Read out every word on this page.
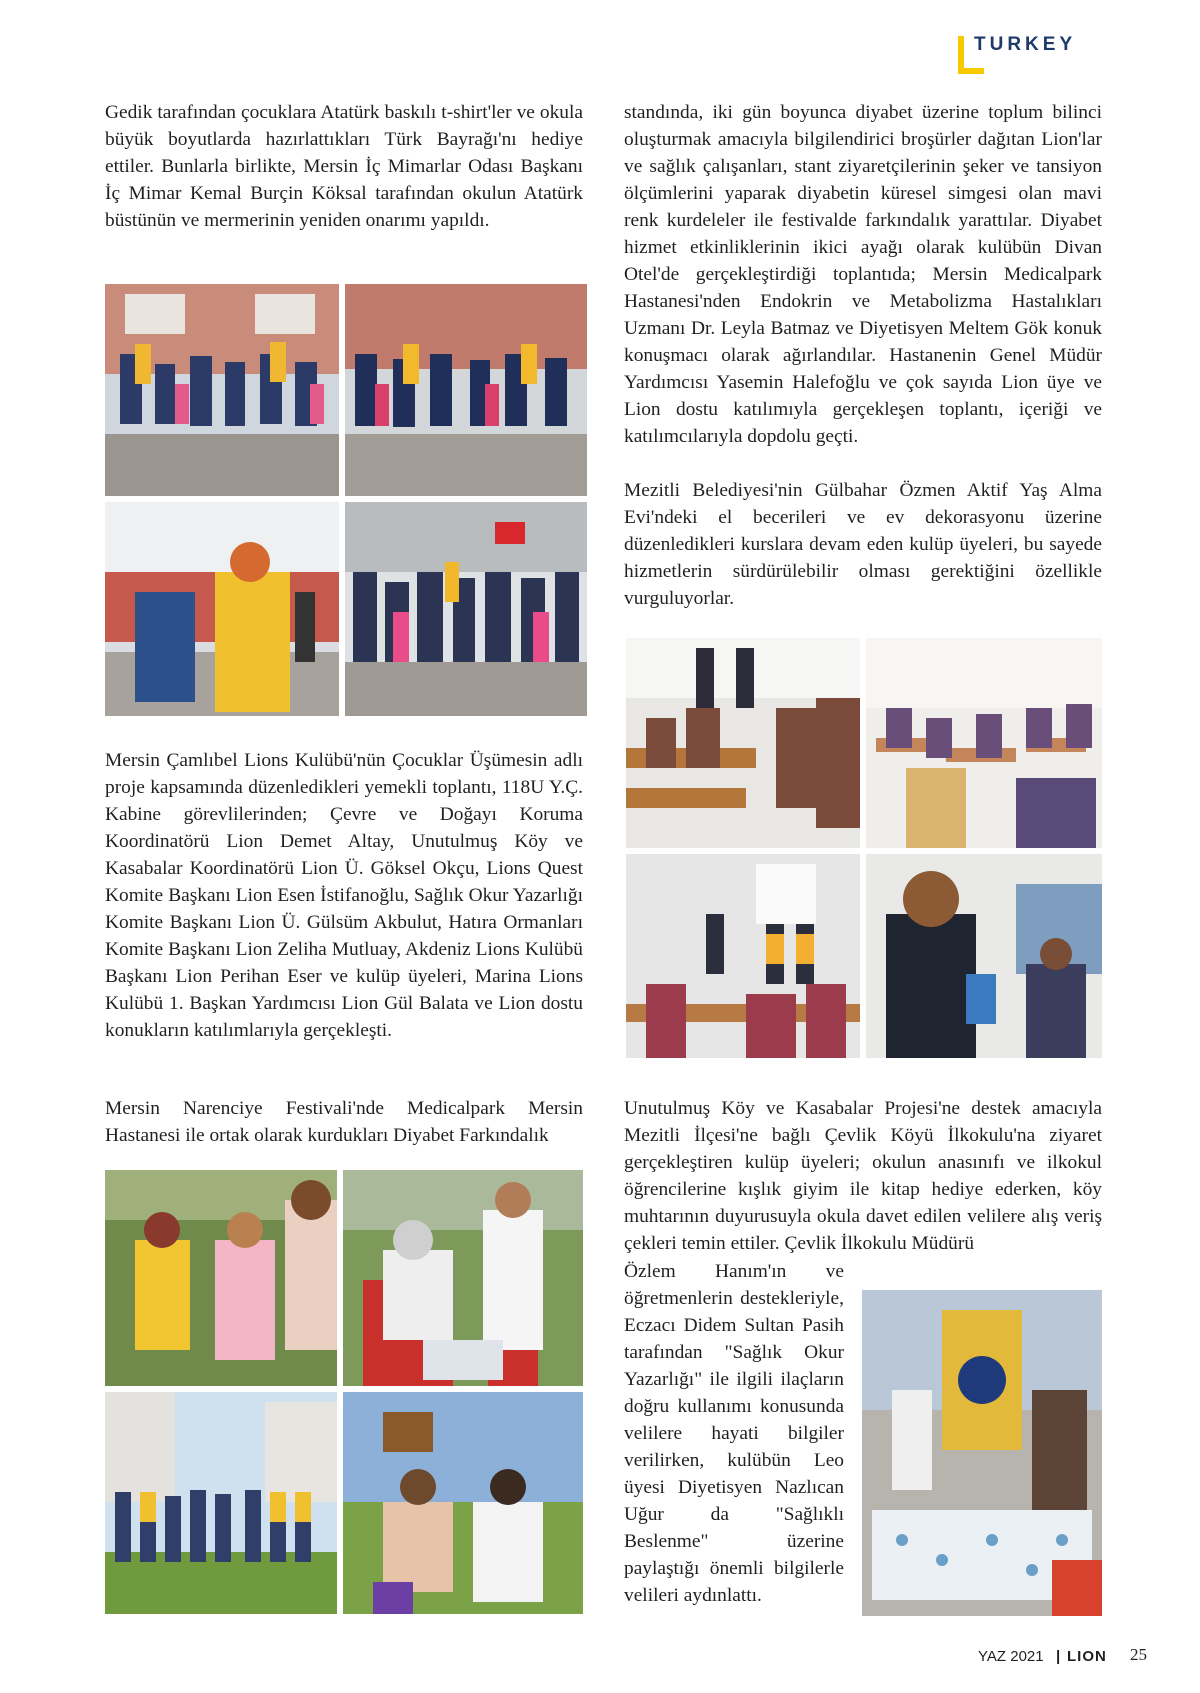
TURKEY

Gedik tarafından çocuklara Atatürk baskılı t-shirt'ler ve okula büyük boyutlarda hazırlattıkları Türk Bayrağı'nı hediye ettiler. Bunlarla birlikte, Mersin İç Mimarlar Odası Başkanı İç Mimar Kemal Burçin Köksal tarafından okulun Atatürk büstünün ve mermerinin yeniden onarımı yapıldı.

Mersin Çamlıbel Lions Kulübü'nün Çocuklar Üşümesin adlı proje kapsamında düzenledikleri yemekli toplantı, 118U Y.Ç. Kabine görevlilerinden; Çevre ve Doğayı Koruma Koordinatörü Lion Demet Altay, Unutulmuş Köy ve Kasabalar Koordinatörü Lion Ü. Göksel Okçu, Lions Quest Komite Başkanı Lion Esen İstifanoğlu, Sağlık Okur Yazarlığı Komite Başkanı Lion Ü. Gülsüm Akbulut, Hatıra Ormanları Komite Başkanı Lion Zeliha Mutluay, Akdeniz Lions Kulübü Başkanı Lion Perihan Eser ve kulüp üyeleri, Marina Lions Kulübü 1. Başkan Yardımcısı Lion Gül Balata ve Lion dostu konukların katılımlarıyla gerçekleşti.

Mersin Narenciye Festivali'nde Medicalpark Mersin Hastanesi ile ortak olarak kurdukları Diyabet Farkındalık

standında, iki gün boyunca diyabet üzerine toplum bilinci oluşturmak amacıyla bilgilendirici broşürler dağıtan Lion'lar ve sağlık çalışanları, stant ziyaretçilerinin şeker ve tansiyon ölçümlerini yaparak diyabetin küresel simgesi olan mavi renk kurdeleler ile festivalde farkındalık yarattılar. Diyabet hizmet etkinliklerinin ikici ayağı olarak kulübün Divan Otel'de gerçekleştirdiği toplantıda; Mersin Medicalpark Hastanesi'nden Endokrin ve Metabolizma Hastalıkları Uzmanı Dr. Leyla Batmaz ve Diyetisyen Meltem Gök konuk konuşmacı olarak ağırlandılar. Hastanenin Genel Müdür Yardımcısı Yasemin Halefoğlu ve çok sayıda Lion üye ve Lion dostu katılımıyla gerçekleşen toplantı, içeriği ve katılımcılarıyla dopdolu geçti.

Mezitli Belediyesi'nin Gülbahar Özmen Aktif Yaş Alma Evi'ndeki el becerileri ve ev dekorasyonu üzerine düzenledikleri kurslara devam eden kulüp üyeleri, bu sayede hizmetlerin sürdürülebilir olması gerektiğini özellikle vurguluyorlar.

Unutulmuş Köy ve Kasabalar Projesi'ne destek amacıyla Mezitli İlçesi'ne bağlı Çevlik Köyü İlkokulu'na ziyaret gerçekleştiren kulüp üyeleri; okulun anasınıfı ve ilkokul öğrencilerine kışlık giyim ile kitap hediye ederken, köy muhtarının duyurusuyla okula davet edilen velilere alış veriş çekleri temin ettiler. Çevlik İlkokulu Müdürü

Özlem Hanım'ın ve öğretmenlerin destekleriyle, Eczacı Didem Sultan Pasih tarafından "Sağlık Okur Yazarlığı" ile ilgili ilaçların doğru kullanımı konusunda velilere hayati bilgiler verilirken, kulübün Leo üyesi Diyetisyen Nazlıcan Uğur da "Sağlıklı Beslenme" üzerine paylaştığı önemli bilgilerle velileri aydınlattı.

YAZ 2021 | LION 25
